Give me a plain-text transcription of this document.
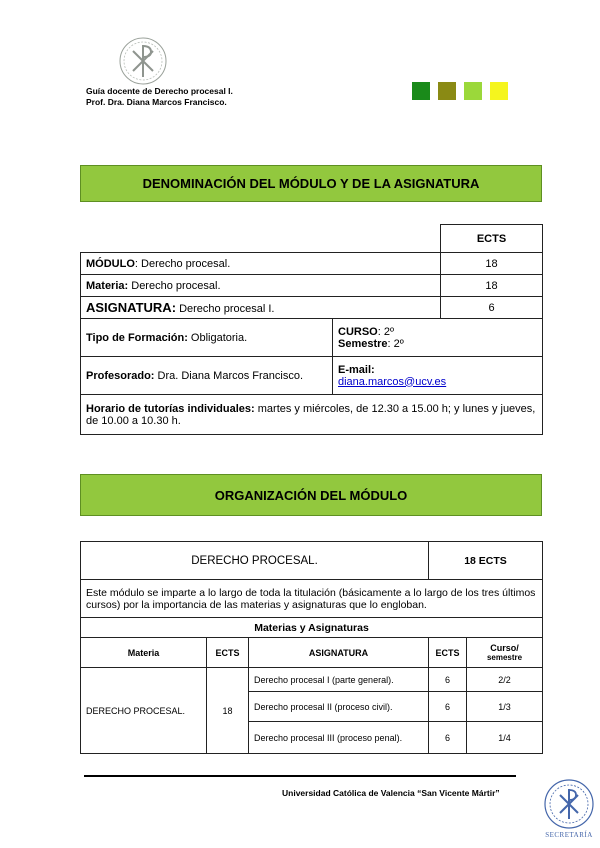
Guía docente de Derecho procesal I.
Prof. Dra. Diana Marcos Francisco.
DENOMINACIÓN DEL MÓDULO Y DE LA ASIGNATURA
		ECTS
MÓDULO: Derecho procesal.		18
Materia: Derecho procesal.		18
ASIGNATURA: Derecho procesal I.		6
Tipo de Formación: Obligatoria.	CURSO: 2º
Semestre: 2º	

Profesorado: Dra. Diana Marcos Francisco.	E-mail:
diana.marcos@ucv.es	
Horario de tutorías individuales: martes y miércoles, de 12.30 a 15.00 h; y lunes y jueves, de 10.00 a 10.30 h.		
ORGANIZACIÓN DEL MÓDULO
DERECHO PROCESAL.			18 ECTS	
Este módulo se imparte a lo largo de toda la titulación (básicamente a lo largo de los tres últimos cursos) por la importancia de las materias y asignaturas que lo engloban.				
Materias y Asignaturas				
Materia	ECTS	ASIGNATURA	ECTS	Curso/
semestre

DERECHO PROCESAL.	18	Derecho procesal I (parte general).	6	2/2
		Derecho procesal II (proceso civil).	6	1/3
		Derecho procesal III (proceso penal).	6	1/4
Universidad Católica de Valencia “San Vicente Mártir”
SECRETARÍA
